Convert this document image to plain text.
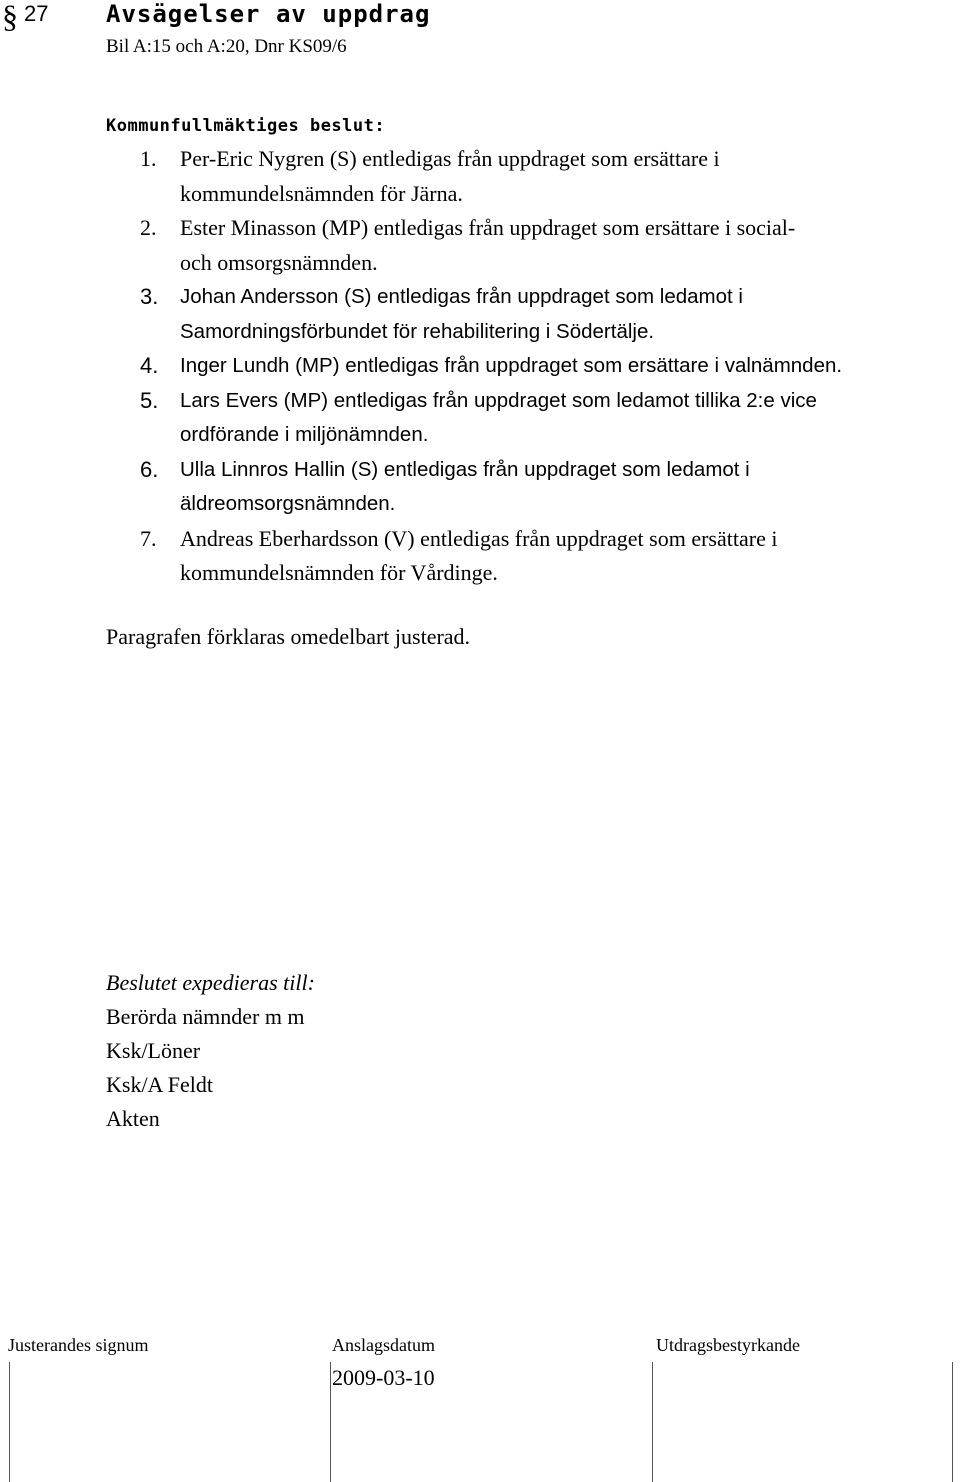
§ 27 Avsägelser av uppdrag
Bil A:15 och A:20, Dnr KS09/6
Kommunfullmäktiges beslut:
1. Per-Eric Nygren (S) entledigas från uppdraget som ersättare i
kommundelsnämnden för Järna.
2. Ester Minasson (MP) entledigas från uppdraget som ersättare i social-
och omsorgsnämnden.
3. Johan Andersson (S) entledigas från uppdraget som ledamot i
Samordningsförbundet för rehabilitering i Södertälje.
4. Inger Lundh (MP) entledigas från uppdraget som ersättare i valnämnden.
5. Lars Evers (MP) entledigas från uppdraget som ledamot tillika 2:e vice
ordförande i miljönämnden.
6. Ulla Linnros Hallin (S) entledigas från uppdraget som ledamot i
äldreomsorgsnämnden.
7. Andreas Eberhardsson (V) entledigas från uppdraget som ersättare i
kommundelsnämnden för Vårdinge.
Paragrafen förklaras omedelbart justerad.
Beslutet expedieras till:
Berörda nämnder m m
Ksk/Löner
Ksk/A Feldt
Akten
Justerandes signum	Anslagsdatum	Utdragsbestyrkande
2009-03-10
